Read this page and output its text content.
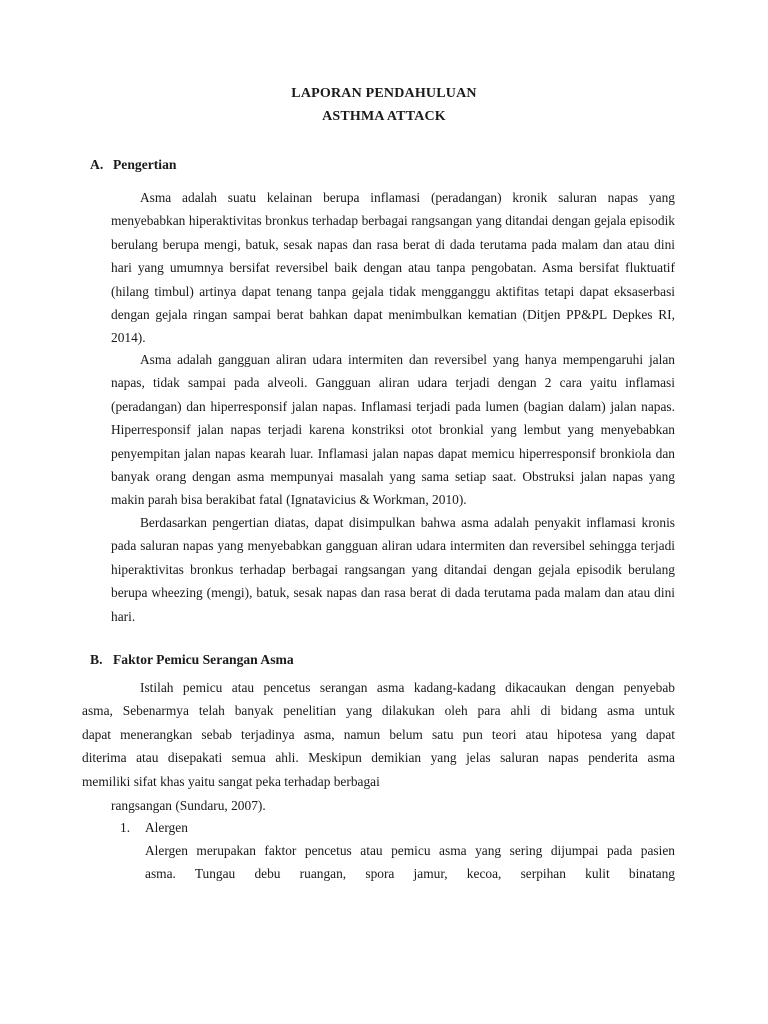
LAPORAN PENDAHULUAN
ASTHMA ATTACK
A. Pengertian

Asma adalah suatu kelainan berupa inflamasi (peradangan) kronik saluran napas yang menyebabkan hiperaktivitas bronkus terhadap berbagai rangsangan yang ditandai dengan gejala episodik berulang berupa mengi, batuk, sesak napas dan rasa berat di dada terutama pada malam dan atau dini hari yang umumnya bersifat reversibel baik dengan atau tanpa pengobatan. Asma bersifat fluktuatif (hilang timbul) artinya dapat tenang tanpa gejala tidak mengganggu aktifitas tetapi dapat eksaserbasi dengan gejala ringan sampai berat bahkan dapat menimbulkan kematian (Ditjen PP&PL Depkes RI, 2014).

Asma adalah gangguan aliran udara intermiten dan reversibel yang hanya mempengaruhi jalan napas, tidak sampai pada alveoli. Gangguan aliran udara terjadi dengan 2 cara yaitu inflamasi (peradangan) dan hiperresponsif jalan napas. Inflamasi terjadi pada lumen (bagian dalam) jalan napas. Hiperresponsif jalan napas terjadi karena konstriksi otot bronkial yang lembut yang menyebabkan penyempitan jalan napas kearah luar. Inflamasi jalan napas dapat memicu hiperresponsif bronkiola dan banyak orang dengan asma mempunyai masalah yang sama setiap saat. Obstruksi jalan napas yang makin parah bisa berakibat fatal (Ignatavicius & Workman, 2010).

Berdasarkan pengertian diatas, dapat disimpulkan bahwa asma adalah penyakit inflamasi kronis pada saluran napas yang menyebabkan gangguan aliran udara intermiten dan reversibel sehingga terjadi hiperaktivitas bronkus terhadap berbagai rangsangan yang ditandai dengan gejala episodik berulang berupa wheezing (mengi), batuk, sesak napas dan rasa berat di dada terutama pada malam dan atau dini hari.

B. Faktor Pemicu Serangan Asma
Istilah pemicu atau pencetus serangan asma kadang-kadang dikacaukan dengan penyebab
asma, Sebenarmya telah banyak penelitian yang dilakukan oleh para ahli di bidang asma untuk
dapat menerangkan sebab terjadinya asma, namun belum satu pun teori atau hipotesa yang dapat
diterima atau disepakati semua ahli. Meskipun demikian yang jelas saluran napas penderita asma
memiliki sifat khas yaitu sangat peka terhadap berbagai
rangsangan (Sundaru, 2007).
1. Alergen
Alergen merupakan faktor pencetus atau pemicu asma yang sering dijumpai pada pasien
asma. Tungau debu ruangan, spora jamur, kecoa, serpihan kulit binatang
